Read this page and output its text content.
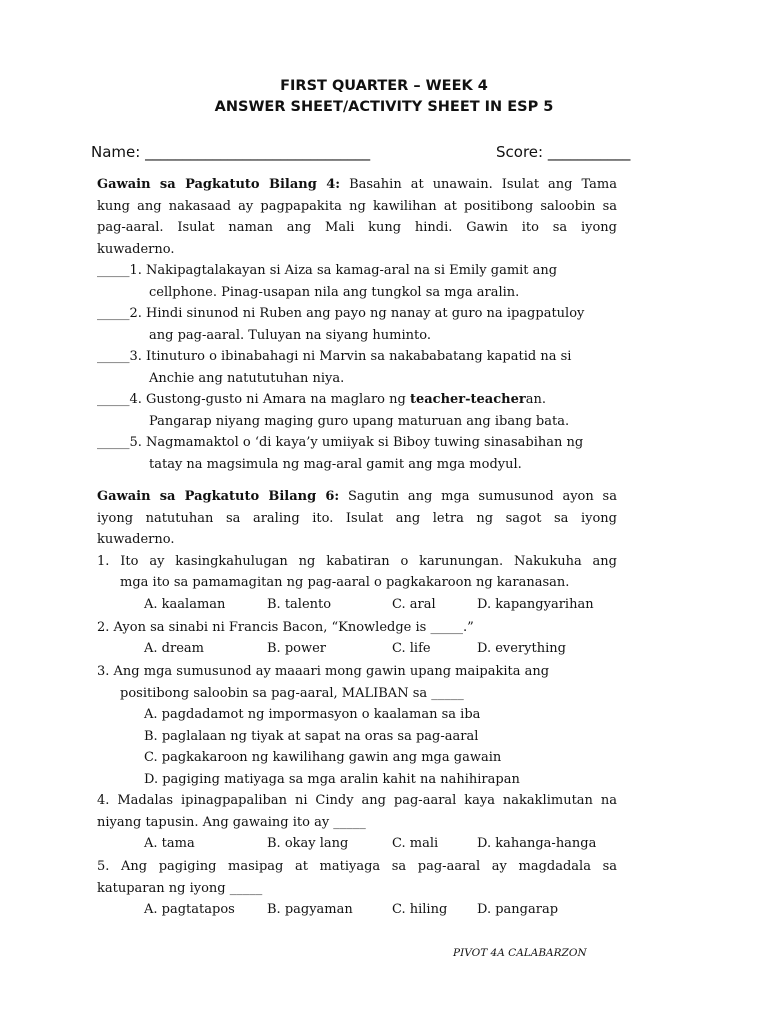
FIRST QUARTER – WEEK 4
ANSWER SHEET/ACTIVITY SHEET IN ESP 5
Name: ______________________________	Score: ___________

Gawain sa Pagkatuto Bilang 4: Basahin at unawain. Isulat ang Tama

kung ang nakasaad ay pagpapakita ng kawilihan at positibong saloobin sa

pag-aaral. Isulat naman ang Mali kung hindi. Gawin ito sa iyong

kuwaderno.

_____1. Nakipagtalakayan si Aiza sa kamag-aral na si Emily gamit ang

cellphone. Pinag-usapan nila ang tungkol sa mga aralin.

_____2. Hindi sinunod ni Ruben ang payo ng nanay at guro na ipagpatuloy

ang pag-aaral. Tuluyan na siyang huminto.

_____3. Itinuturo o ibinabahagi ni Marvin sa nakababatang kapatid na si

Anchie ang natututuhan niya.

_____4. Gustong-gusto ni Amara na maglaro ng teacher-teacheran.

Pangarap niyang maging guro upang maturuan ang ibang bata.

_____5. Nagmamaktol o ‘di kaya’y umiiyak si Biboy tuwing sinasabihan ng

tatay na magsimula ng mag-aral gamit ang mga modyul.

Gawain sa Pagkatuto Bilang 6: Sagutin ang mga sumusunod ayon sa

iyong natutuhan sa araling ito. Isulat ang letra ng sagot sa iyong

kuwaderno.

1. Ito ay kasingkahulugan ng kabatiran o karunungan. Nakukuha ang

mga ito sa pamamagitan ng pag-aaral o pagkakaroon ng karanasan.

A. kaalaman	B. talento	C. aral	D. kapangyarihan

2. Ayon sa sinabi ni Francis Bacon, “Knowledge is _____.”

A. dream	B. power	C. life	D. everything

3. Ang mga sumusunod ay maaari mong gawin upang maipakita ang

positibong saloobin sa pag-aaral, MALIBAN sa _____

A. pagdadamot ng impormasyon o kaalaman sa iba

B. paglalaan ng tiyak at sapat na oras sa pag-aaral

C. pagkakaroon ng kawilihang gawin ang mga gawain

D. pagiging matiyaga sa mga aralin kahit na nahihirapan

4. Madalas ipinagpapaliban ni Cindy ang pag-aaral kaya nakaklimutan na

niyang tapusin. Ang gawaing ito ay _____

A. tama	B. okay lang	C. mali	D. kahanga-hanga

5. Ang pagiging masipag at matiyaga sa pag-aaral ay magdadala sa

katuparan ng iyong _____

A. pagtatapos B. pagyaman	C. hiling D. pangarap
PIVOT 4A CALABARZON
